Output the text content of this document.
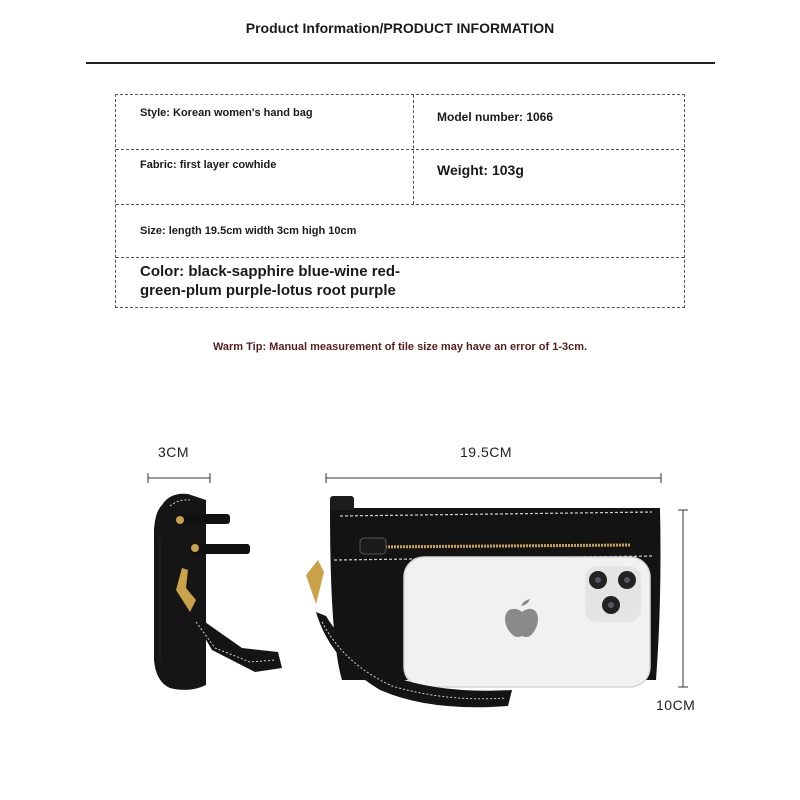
Product Information/PRODUCT INFORMATION
Style: Korean women's hand bag	Model number: 1066
Fabric: first layer cowhide	Weight: 103g
Size: length 19.5cm width 3cm high 10cm
Color: black-sapphire blue-wine red-
green-plum purple-lotus root purple
Warm Tip: Manual measurement of tile size may have an error of 1-3cm.
3CM	19.5CM
10CM
